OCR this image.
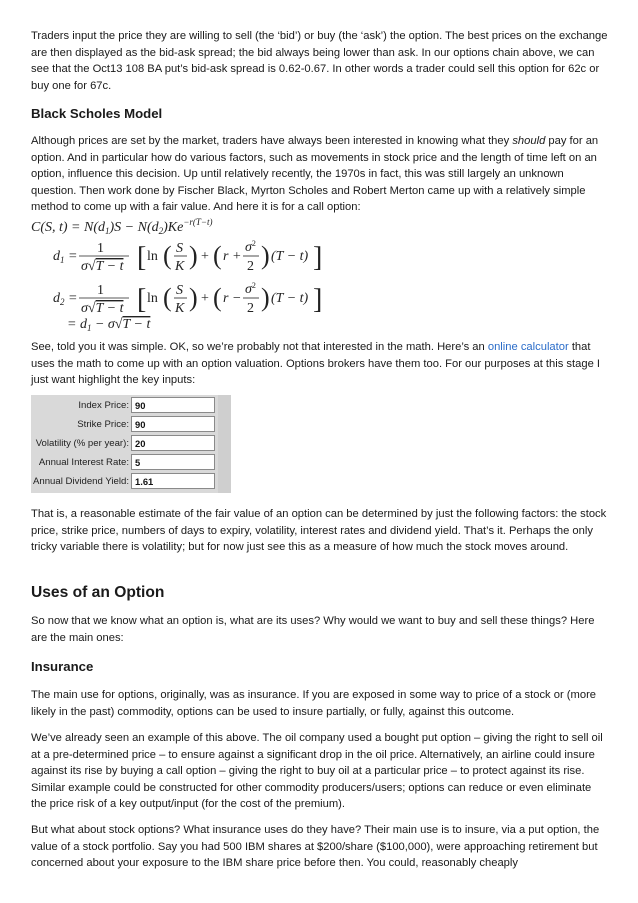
Traders input the price they are willing to sell (the ‘bid’) or buy (the ‘ask’) the option. The best prices on the exchange are then displayed as the bid-ask spread; the bid always being lower than ask. In our options chain above, we can see that the Oct13 108 BA put’s bid-ask spread is 0.62-0.67. In other words a trader could sell this option for 62c or buy one for 67c.

Black Scholes Model

Although prices are set by the market, traders have always been interested in knowing what they should pay for an option. And in particular how do various factors, such as movements in stock price and the length of time left on an option, influence this decision. Up until relatively recently, the 1970s in fact, this was still largely an unknown question. Then work done by Fischer Black, Myrton Scholes and Robert Merton came up with a relatively simple method to come up with a fair value. And here it is for a call option:

C(S, $t) = N(d_1)S - N(d_2)Ke^{-r(T-t)}$
$d_1$ =
1
σ√T − t [ ln ( S
K ) + ( r +
$\sigma^2$
2 ) (T − t) ]
$d_2$ =
1
σ√T − t [ ln ( S
K ) + ( r −
$\sigma^2$
2 ) (T − t) ]
= $d_1 - \sigma√T - t$

See, told you it was simple. OK, so we’re probably not that interested in the math. Here’s an online calculator that uses the math to come up with an option valuation. Options brokers have them too. For our purposes at this stage I just want highlight the key inputs:

Index Price: 90
Strike Price: 90
Volatility (% per year): 20
Annual Interest Rate: 5
Annual Dividend Yield: 1.61

That is, a reasonable estimate of the fair value of an option can be determined by just the following factors: the stock price, strike price, numbers of days to expiry, volatility, interest rates and dividend yield. That’s it. Perhaps the only tricky variable there is volatility; but for now just see this as a measure of how much the stock moves around.

Uses of an Option

So now that we know what an option is, what are its uses? Why would we want to buy and sell these things? Here are the main ones:

Insurance

The main use for options, originally, was as insurance. If you are exposed in some way to price of a stock or (more likely in the past) commodity, options can be used to insure partially, or fully, against this outcome.

We’ve already seen an example of this above. The oil company used a bought put option – giving the right to sell oil at a pre-determined price – to ensure against a significant drop in the oil price. Alternatively, an airline could insure against its rise by buying a call option – giving the right to buy oil at a particular price – to protect against its rise. Similar example could be constructed for other commodity producers/users; options can reduce or even eliminate the price risk of a key output/input (for the cost of the premium).

But what about stock options? What insurance uses do they have? Their main use is to insure, via a put option, the value of a stock portfolio. Say you had 500 IBM shares at $200/share ($100,000), were approaching retirement but concerned about your exposure to the IBM share price before then. You could, reasonably cheaply
